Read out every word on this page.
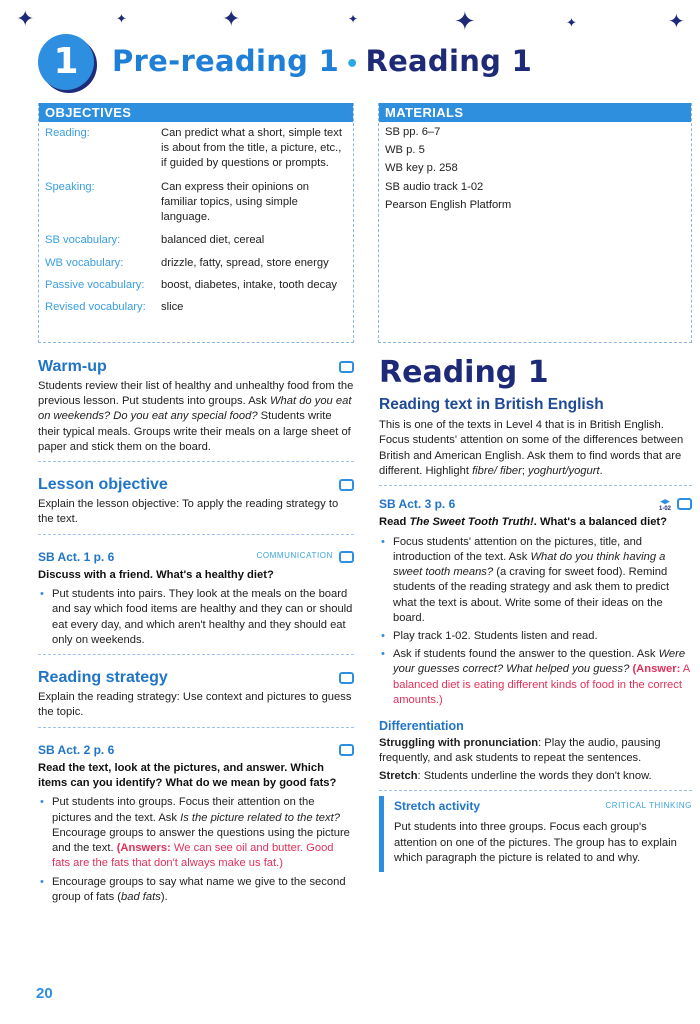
✦	✦	✦	✦	✦	✦	✦
1 Pre-reading 1 • Reading 1
OBJECTIVES
Reading:	Can predict what a short, simple text is about from the title, a picture, etc., if guided by questions or prompts.
Speaking:	Can express their opinions on familiar topics, using simple language.
SB vocabulary:	balanced diet, cereal
WB vocabulary:	drizzle, fatty, spread, store energy
Passive vocabulary:	boost, diabetes, intake, tooth decay
Revised vocabulary:	slice
MATERIALS
SB pp. 6–7
WB p. 5
WB key p. 258
SB audio track 1-02
Pearson English Platform
Warm-up

Students review their list of healthy and unhealthy food from the previous lesson. Put students into groups. Ask What do you eat on weekends? Do you eat any special food? Students write their typical meals. Groups write their meals on a large sheet of paper and stick them on the board.

Lesson objective

Explain the lesson objective: To apply the reading strategy to the text.

SB Act. 1 p. 6	COMMUNICATION

Discuss with a friend. What's a healthy diet?

• Put students into pairs. They look at the meals on the board and say which food items are healthy and they can or should eat every day, and which aren't healthy and they should eat only on weekends.
Reading strategy

Explain the reading strategy: Use context and pictures to guess the topic.

SB Act. 2 p. 6

Read the text, look at the pictures, and answer. Which items can you identify? What do we mean by good fats?

• Put students into groups. Focus their attention on the pictures and the text. Ask Is the picture related to the text? Encourage groups to answer the questions using the picture and the text. (Answers: We can see oil and butter. Good fats are the fats that don't always make us fat.)
• Encourage groups to say what name we give to the second group of fats (bad fats).
Reading 1
Reading text in British English

This is one of the texts in Level 4 that is in British English. Focus students' attention on some of the differences between British and American English. Ask them to find words that are different. Highlight fibre/ fiber; yoghurt/yogurt.

SB Act. 3 p. 6	◂▸
1-02

Read The Sweet Tooth Truth!. What's a balanced diet?

• Focus students' attention on the pictures, title, and introduction of the text. Ask What do you think having a sweet tooth means? (a craving for sweet food). Remind students of the reading strategy and ask them to predict what the text is about. Write some of their ideas on the board.
• Play track 1-02. Students listen and read.
• Ask if students found the answer to the question. Ask Were your guesses correct? What helped you guess? (Answer: A balanced diet is eating different kinds of food in the correct amounts.)
Differentiation

Struggling with pronunciation: Play the audio, pausing frequently, and ask students to repeat the sentences.

Stretch: Students underline the words they don't know.

Stretch activity	CRITICAL THINKING

Put students into three groups. Focus each group's attention on one of the pictures. The group has to explain which paragraph the picture is related to and why.

20
